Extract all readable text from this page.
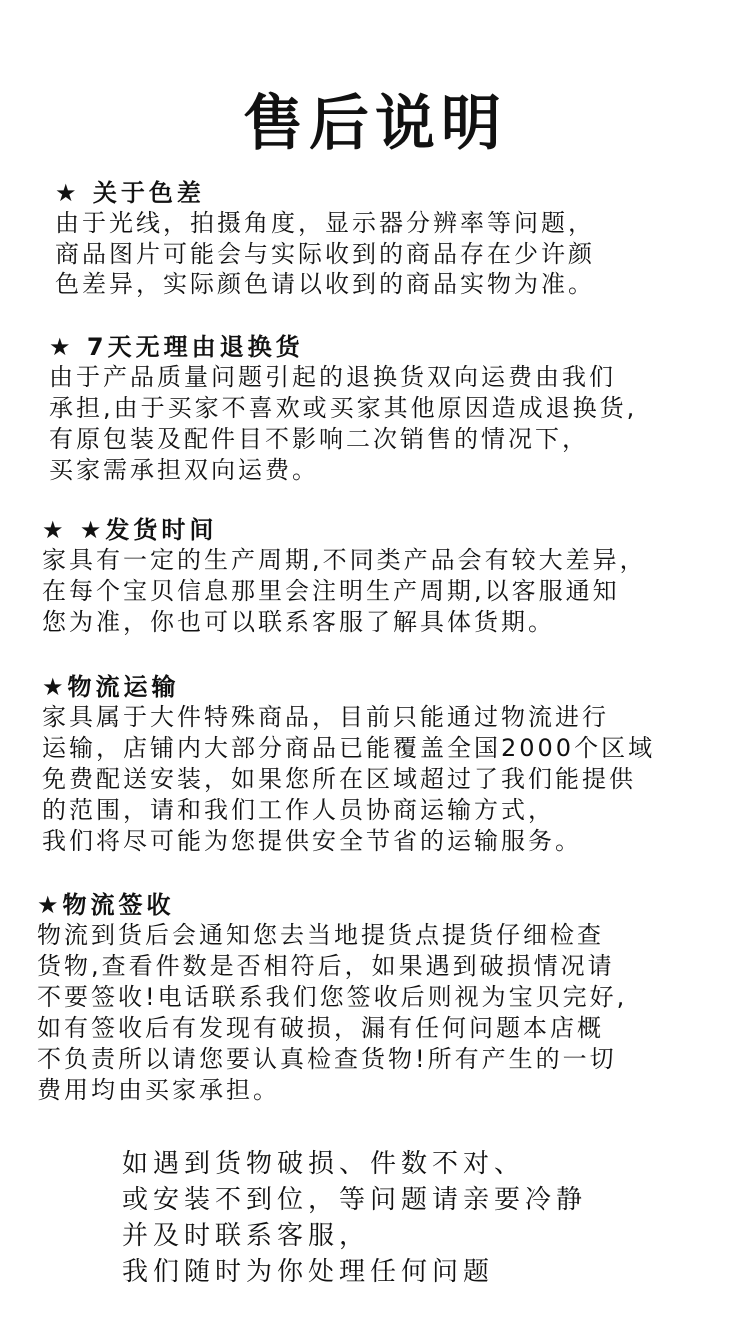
售后说明

★ 关于色差

由于光线，拍摄角度，显示器分辨率等问题，

商品图片可能会与实际收到的商品存在少许颜

色差异，实际颜色请以收到的商品实物为准。

★ 7天无理由退换货

由于产品质量问题引起的退换货双向运费由我们

承担,由于买家不喜欢或买家其他原因造成退换货,

有原包装及配件目不影响二次销售的情况下，

买家需承担双向运费。

★ ★发货时间

家具有一定的生产周期,不同类产品会有较大差异，

在每个宝贝信息那里会注明生产周期,以客服通知

您为准，你也可以联系客服了解具体货期。

★物流运输

家具属于大件特殊商品，目前只能通过物流进行

运输，店铺内大部分商品已能覆盖全国2000个区域

免费配送安装，如果您所在区域超过了我们能提供

的范围，请和我们工作人员协商运输方式，

我们将尽可能为您提供安全节省的运输服务。

★物流签收

物流到货后会通知您去当地提货点提货仔细检查

货物,查看件数是否相符后，如果遇到破损情况请

不要签收!电话联系我们您签收后则视为宝贝完好,

如有签收后有发现有破损，漏有任何问题本店概

不负责所以请您要认真检查货物!所有产生的一切

费用均由买家承担。

如遇到货物破损、件数不对、

或安装不到位，等问题请亲要冷静

并及时联系客服，

我们随时为你处理任何问题
